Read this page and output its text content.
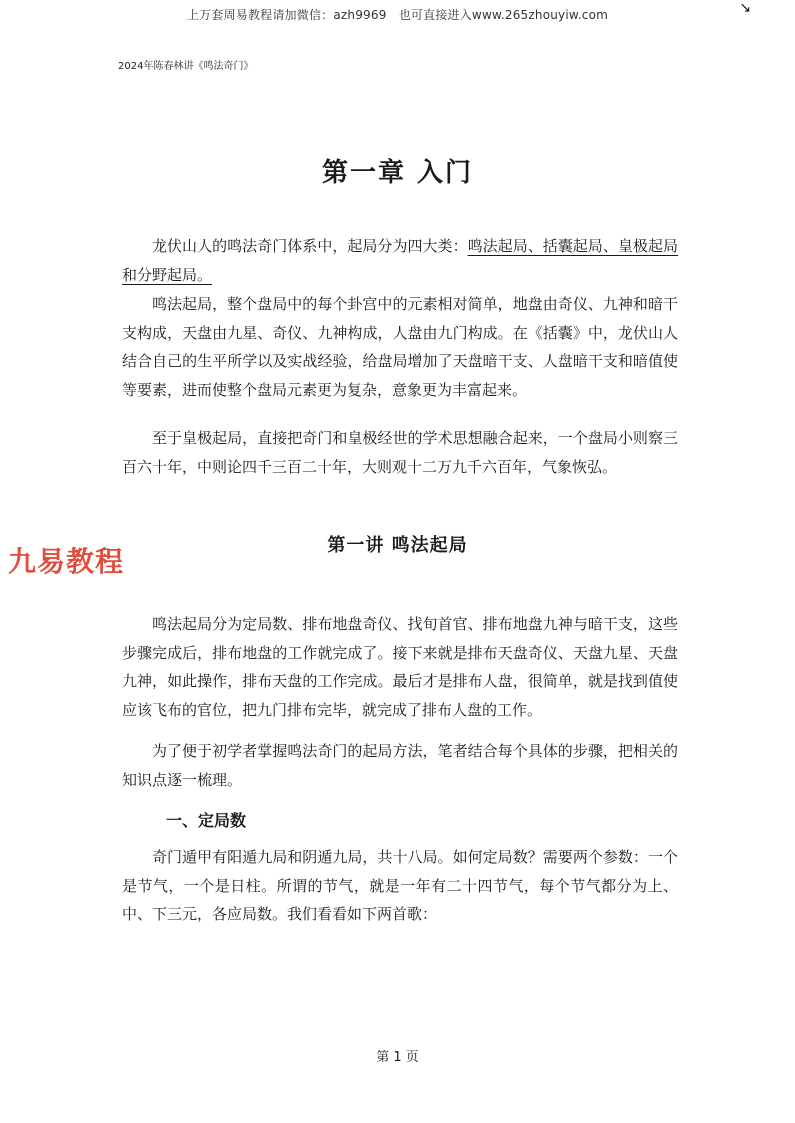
上万套周易教程请加微信：azh9969　也可直接进入www.265zhouyiw.com	↘
2024年陈春林讲《鸣法奇门》
第一章 入门

龙伏山人的鸣法奇门体系中，起局分为四大类：鸣法起局、括囊起局、皇极起局和分野起局。

鸣法起局，整个盘局中的每个卦宫中的元素相对简单，地盘由奇仪、九神和暗干支构成，天盘由九星、奇仪、九神构成，人盘由九门构成。在《括囊》中，龙伏山人结合自己的生平所学以及实战经验，给盘局增加了天盘暗干支、人盘暗干支和暗值使等要素，进而使整个盘局元素更为复杂，意象更为丰富起来。

至于皇极起局，直接把奇门和皇极经世的学术思想融合起来，一个盘局小则察三百六十年，中则论四千三百二十年，大则观十二万九千六百年，气象恢弘。

九易教程	第一讲 鸣法起局

鸣法起局分为定局数、排布地盘奇仪、找旬首官、排布地盘九神与暗干支，这些步骤完成后，排布地盘的工作就完成了。接下来就是排布天盘奇仪、天盘九星、天盘九神，如此操作，排布天盘的工作完成。最后才是排布人盘，很简单，就是找到值使应该飞布的官位，把九门排布完毕，就完成了排布人盘的工作。

为了便于初学者掌握鸣法奇门的起局方法，笔者结合每个具体的步骤，把相关的知识点逐一梳理。

一、定局数

奇门遁甲有阳遁九局和阴遁九局，共十八局。如何定局数？需要两个参数：一个是节气，一个是日柱。所谓的节气，就是一年有二十四节气，每个节气都分为上、中、下三元，各应局数。我们看看如下两首歌：

第 1 页
